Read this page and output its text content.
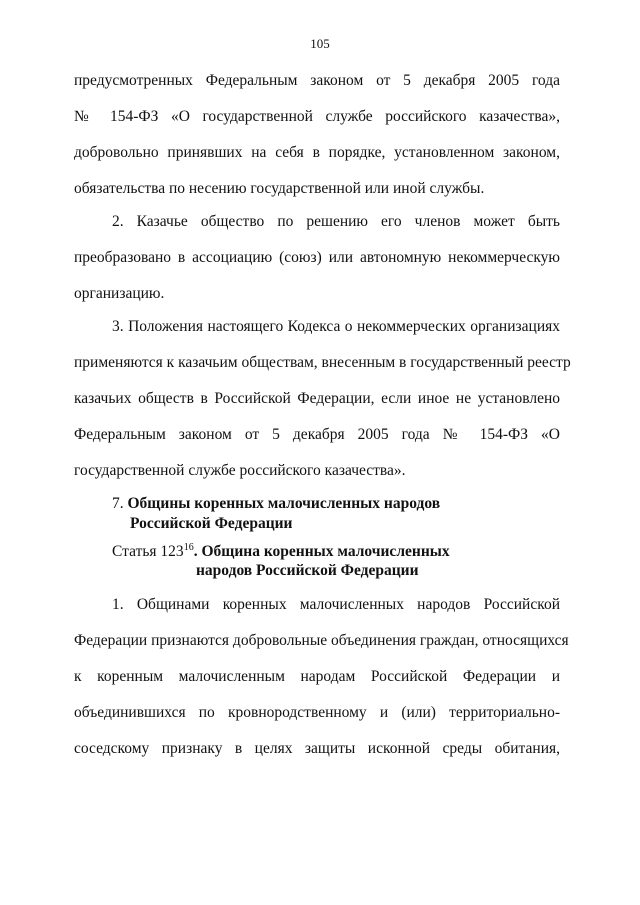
105
предусмотренных Федеральным законом от 5 декабря 2005 года
№ 154-ФЗ «О государственной службе российского казачества»,
добровольно принявших на себя в порядке, установленном законом,
обязательства по несению государственной или иной службы.
2. Казачье общество по решению его членов может быть
преобразовано в ассоциацию (союз) или автономную некоммерческую
организацию.
3. Положения настоящего Кодекса о некоммерческих организациях
применяются к казачьим обществам, внесенным в государственный реестр
казачьих обществ в Российской Федерации, если иное не установлено
Федеральным законом от 5 декабря 2005 года № 154-ФЗ «О
государственной службе российского казачества».
7. Общины коренных малочисленных народов
Российской Федерации
Статья $123^{16}$. Община коренных малочисленных
народов Российской Федерации
1. Общинами коренных малочисленных народов Российской
Федерации признаются добровольные объединения граждан, относящихся
к коренным малочисленным народам Российской Федерации и
объединившихся по кровнородственному и (или) территориально-
соседскому признаку в целях защиты исконной среды обитания,
